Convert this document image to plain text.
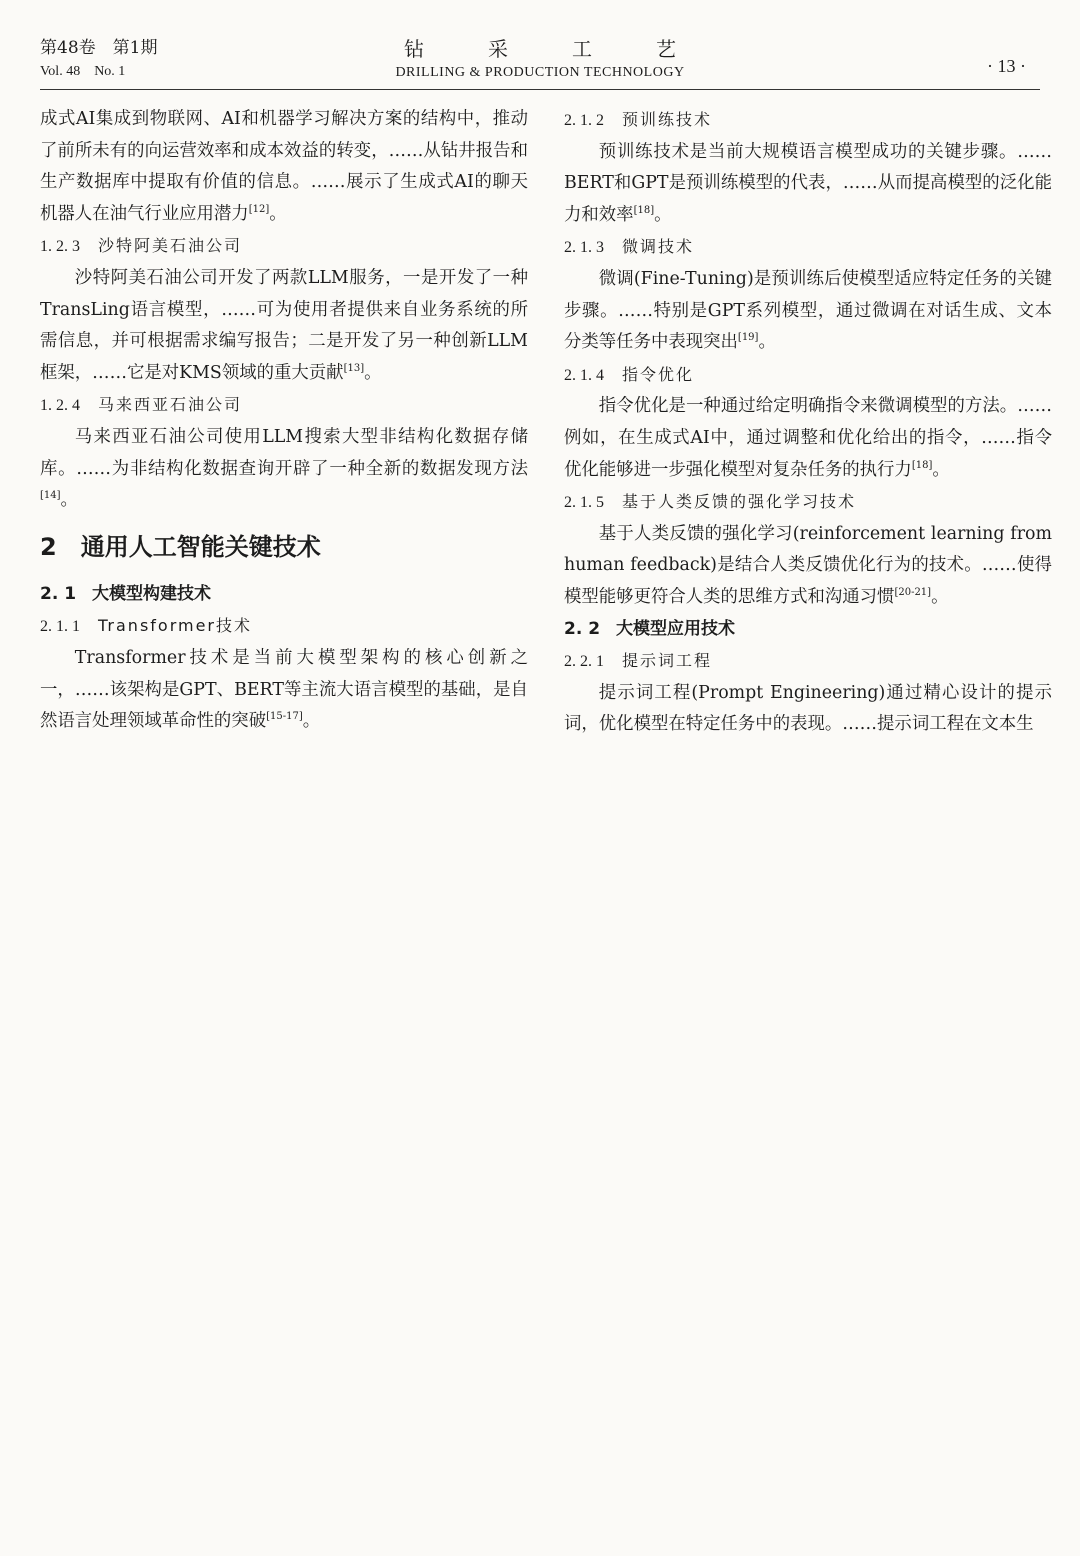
第48卷　第1期
Vol. 48　No. 1
钻采工艺
DRILLING & PRODUCTION TECHNOLOGY	· 13 ·
成式AI集成到物联网、AI和机器学习解决方案的结构中，推动了前所未有的向运营效率和成本效益的转变，……从钻井报告和生产数据库中提取有价值的信息。……展示了生成式AI的聊天机器人在油气行业应用潜力[12]。
1. 2. 3 沙特阿美石油公司
沙特阿美石油公司开发了两款LLM服务，一是开发了一种TransLing语言模型，……可为使用者提供来自业务系统的所需信息，并可根据需求编写报告；二是开发了另一种创新LLM框架，……它是对KMS领域的重大贡献[13]。
1. 2. 4 马来西亚石油公司
马来西亚石油公司使用LLM搜索大型非结构化数据存储库。……为非结构化数据查询开辟了一种全新的数据发现方法[14]。
2 通用人工智能关键技术
2. 1 大模型构建技术
2. 1. 1 Transformer技术
Transformer技术是当前大模型架构的核心创新之一，……该架构是GPT、BERT等主流大语言模型的基础，是自然语言处理领域革命性的突破[15-17]。
2. 1. 2 预训练技术
预训练技术是当前大规模语言模型成功的关键步骤。……BERT和GPT是预训练模型的代表，……从而提高模型的泛化能力和效率[18]。
2. 1. 3 微调技术
微调(Fine-Tuning)是预训练后使模型适应特定任务的关键步骤。……特别是GPT系列模型，通过微调在对话生成、文本分类等任务中表现突出[19]。
2. 1. 4 指令优化
指令优化是一种通过给定明确指令来微调模型的方法。……例如，在生成式AI中，通过调整和优化给出的指令，……指令优化能够进一步强化模型对复杂任务的执行力[18]。
2. 1. 5 基于人类反馈的强化学习技术
基于人类反馈的强化学习(reinforcement learning from human feedback)是结合人类反馈优化行为的技术。……使得模型能够更符合人类的思维方式和沟通习惯[20-21]。
2. 2 大模型应用技术
2. 2. 1 提示词工程
提示词工程(Prompt Engineering)通过精心设计的提示词，优化模型在特定任务中的表现。……提示词工程在文本生
